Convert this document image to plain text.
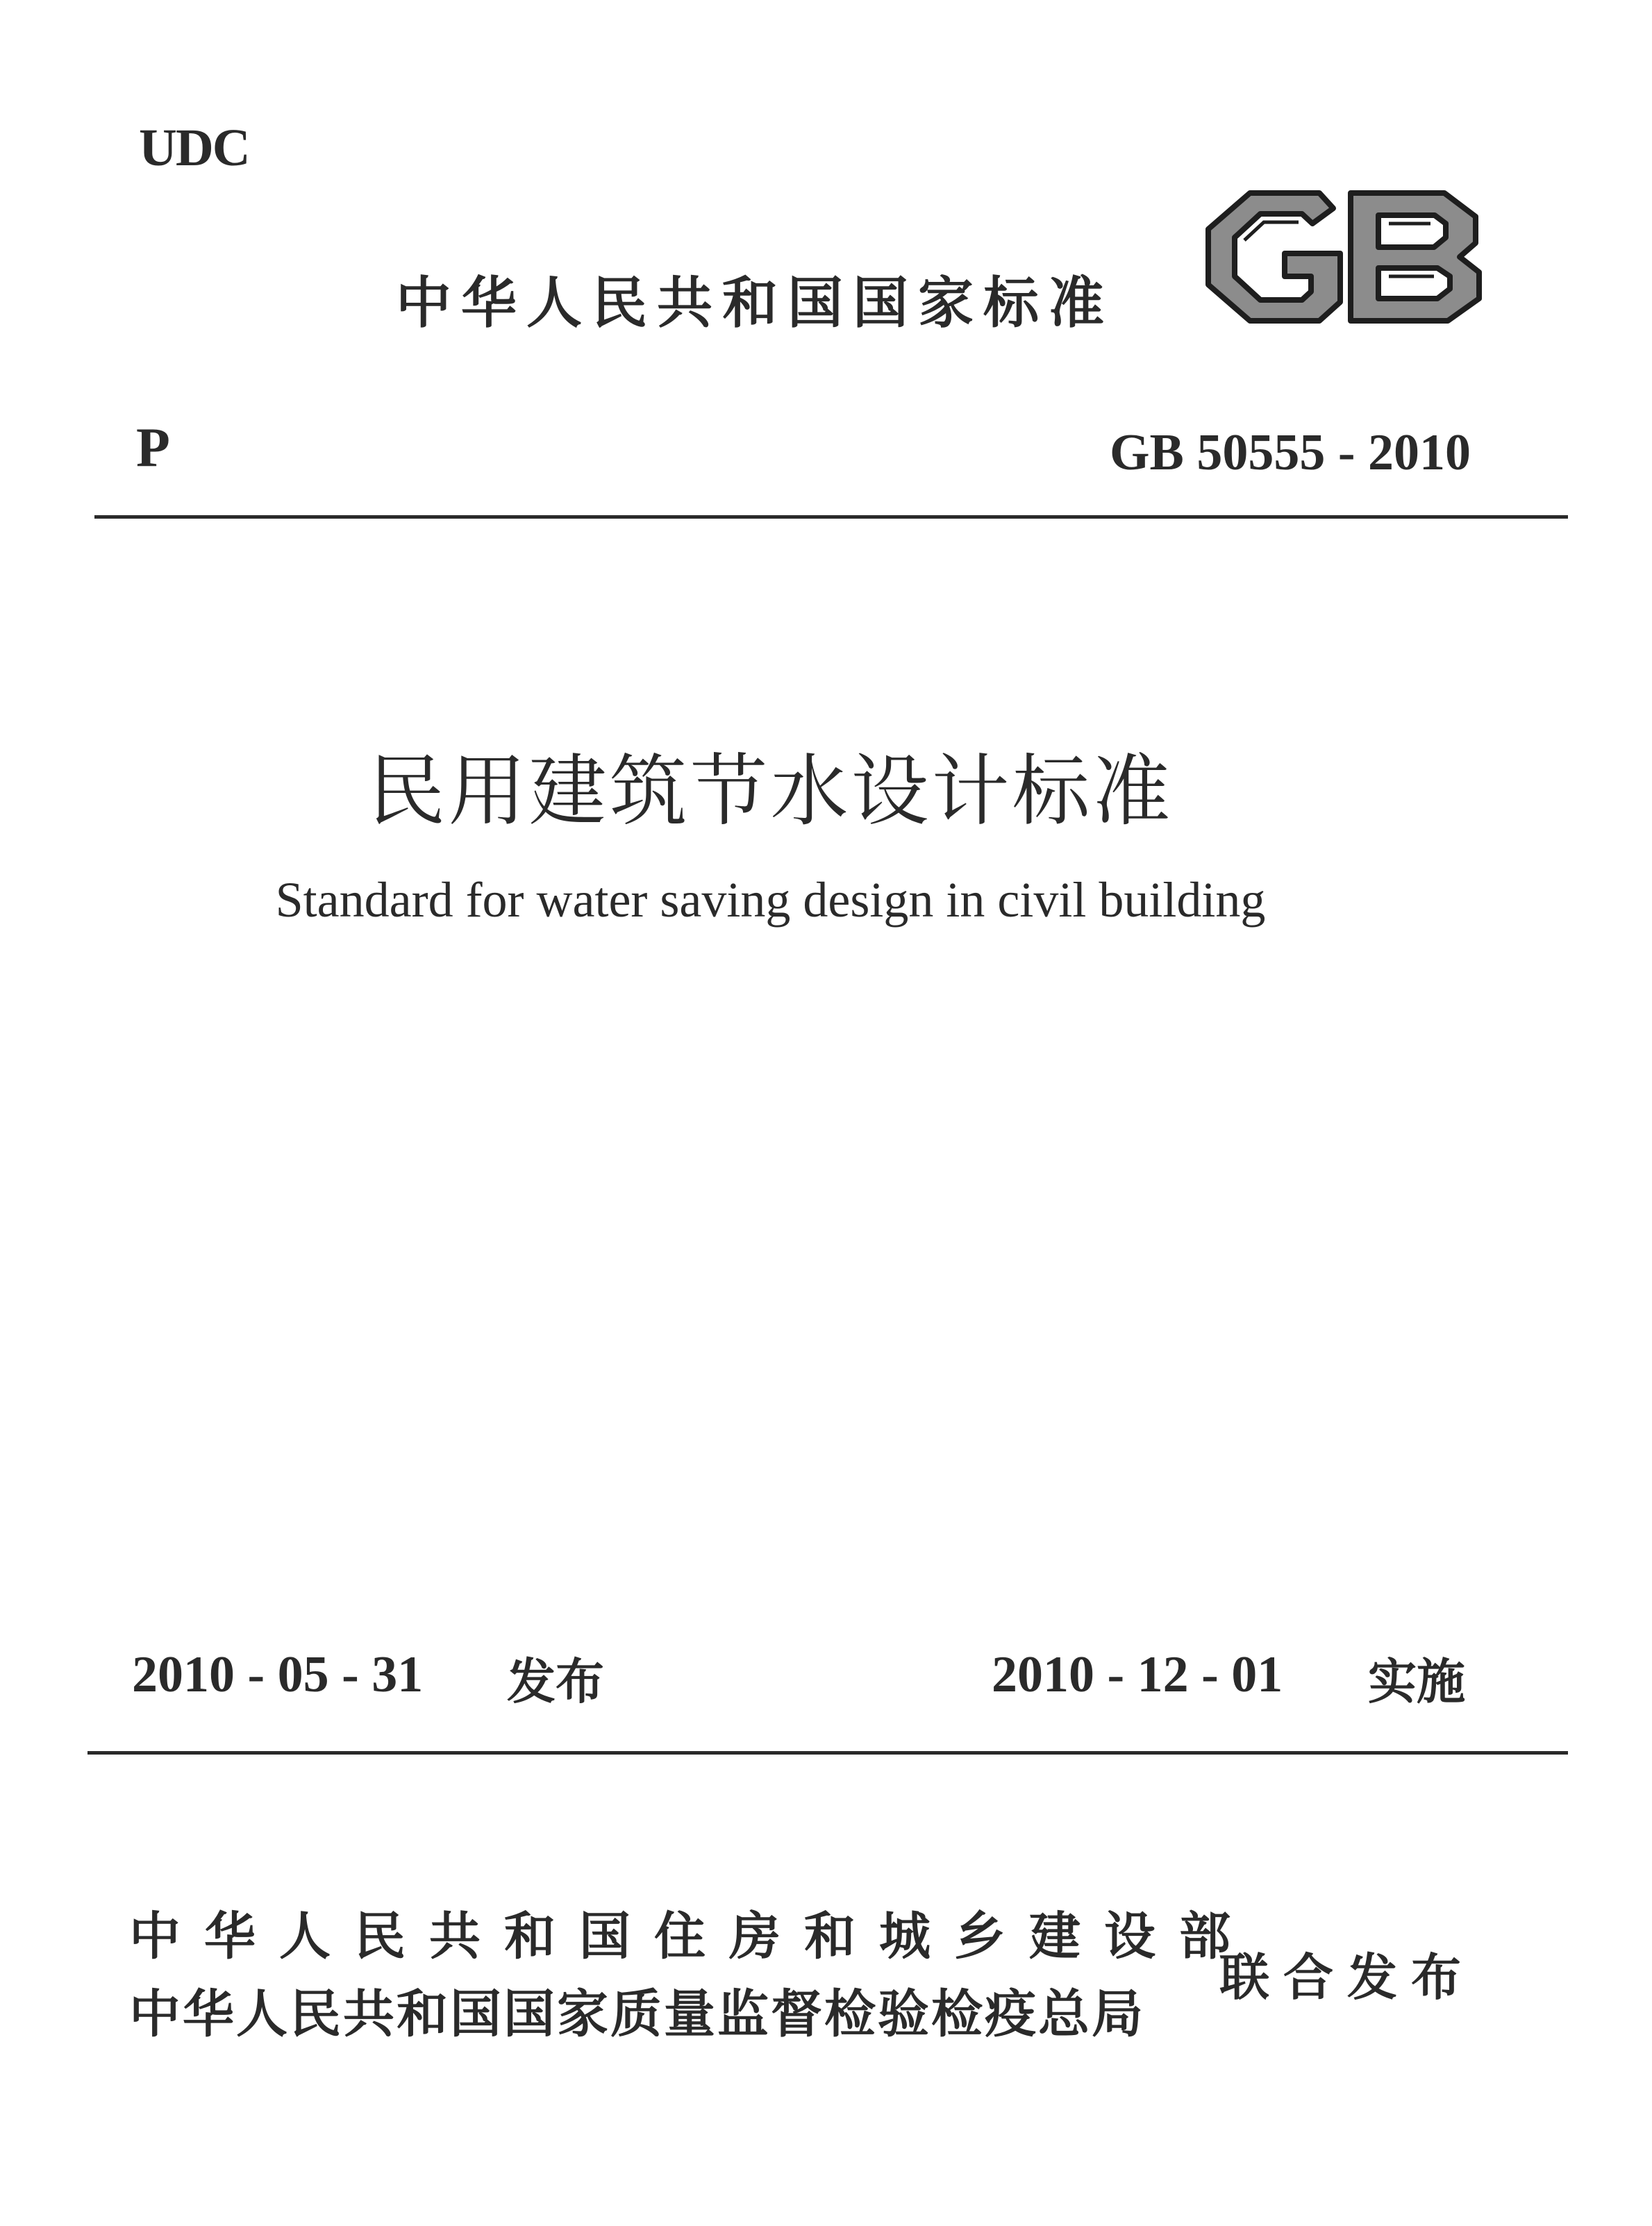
UDC
中华人民共和国国家标准
P	GB 50555 - 2010
民用建筑节水设计标准
Standard for water saving design in civil building
2010 - 05 - 31 发布	2010 - 12 - 01 实施
中华人民共和国住房和城乡建设部
中华人民共和国国家质量监督检验检疫总局
联合发布
